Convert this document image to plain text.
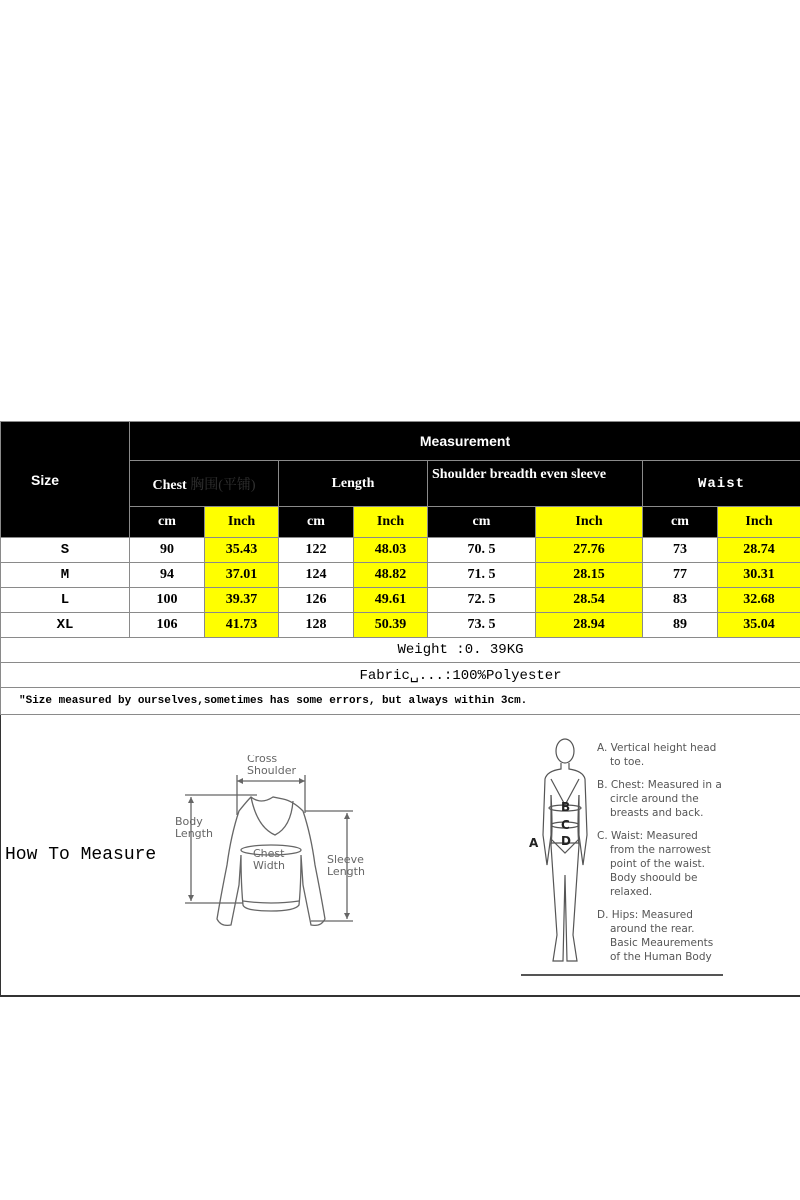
Size	Measurement							
	Chest 胸围(平铺)		Length		Shoulder breadth even sleeve		Waist	
	cm	Inch	cm	Inch	cm	Inch	cm	Inch
S	90	35.43	122	48.03	70. 5	27.76	73	28.74
M	94	37.01	124	48.82	71. 5	28.15	77	30.31
L	100	39.37	126	49.61	72. 5	28.54	83	32.68
XL	106	41.73	128	50.39	73. 5	28.94	89	35.04
Weight :0. 39KG								
Fabric␣...:100%Polyester								
"Size measured by ourselves,sometimes has some errors, but always within 3cm.								
How To Measure
Cross
Shoulder
Body
Length
Chest
Width	Sleeve
Length
B
C
D
A

A. Vertical height head
to toe.

B. Chest: Measured in a
circle around the
breasts and back.

C. Waist: Measured
from the narrowest
point of the waist.
Body shoould be
relaxed.

D. Hips: Measured
around the rear.
Basic Meaurements
of the Human Body
